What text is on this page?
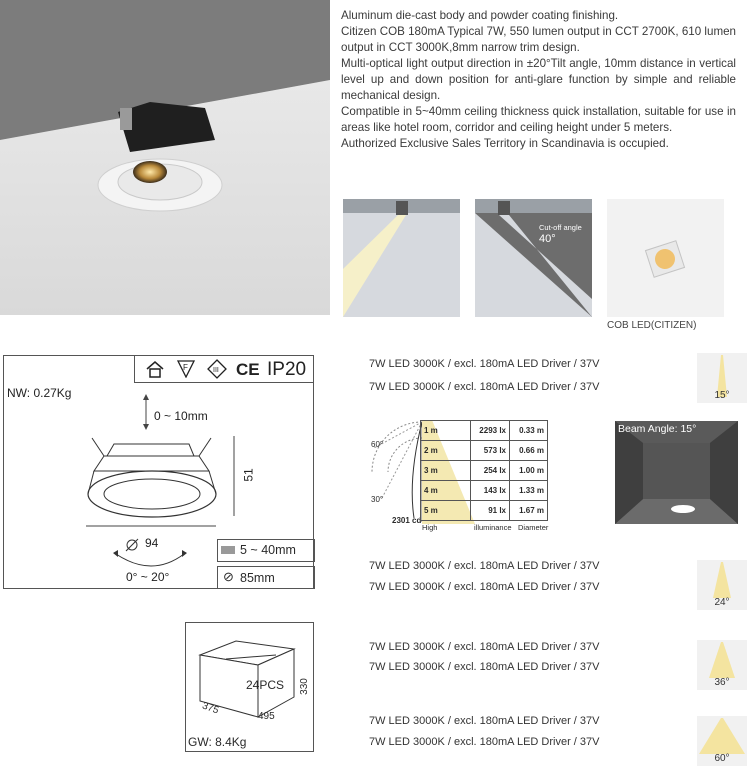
Aluminum die-cast body and powder coating finishing.

Citizen COB 180mA Typical 7W, 550 lumen output in CCT 2700K, 610 lumen output in CCT 3000K,8mm narrow trim design.

Multi-optical light output direction in ±20°Tilt angle, 10mm distance in vertical level up and down position for anti-glare function by simple and reliable mechanical design.

Compatible in 5~40mm ceiling thickness quick installation, suitable for use in areas like hotel room, corridor and ceiling height under 5 meters.

Authorized Exclusive Sales Territory in Scandinavia is occupied.

Cut-off angle
40°
COB LED(CITIZEN)
F	III CE IP20
NW: 0.27Kg
0 ~ 10mm
51
94
0° ~ 20°
5 ~ 40mm
⊘ 85mm
24PCS 330
375	495
GW: 8.4Kg
7W LED 3000K / excl. 180mA LED Driver / 37V
7W LED 3000K / excl. 180mA LED Driver / 37V
15°
7W LED 3000K / excl. 180mA LED Driver / 37V
7W LED 3000K / excl. 180mA LED Driver / 37V
24°
7W LED 3000K / excl. 180mA LED Driver / 37V
7W LED 3000K / excl. 180mA LED Driver / 37V
36°
7W LED 3000K / excl. 180mA LED Driver / 37V
7W LED 3000K / excl. 180mA LED Driver / 37V
60°
60°
30°
2301 cd
1 m	2293 lx	0.33 m
2 m	573 lx	0.66 m
3 m	254 lx	1.00 m
4 m	143 lx	1.33 m
5 m	91 lx	1.67 m
High	illuminance Diameter
Beam Angle: 15°
